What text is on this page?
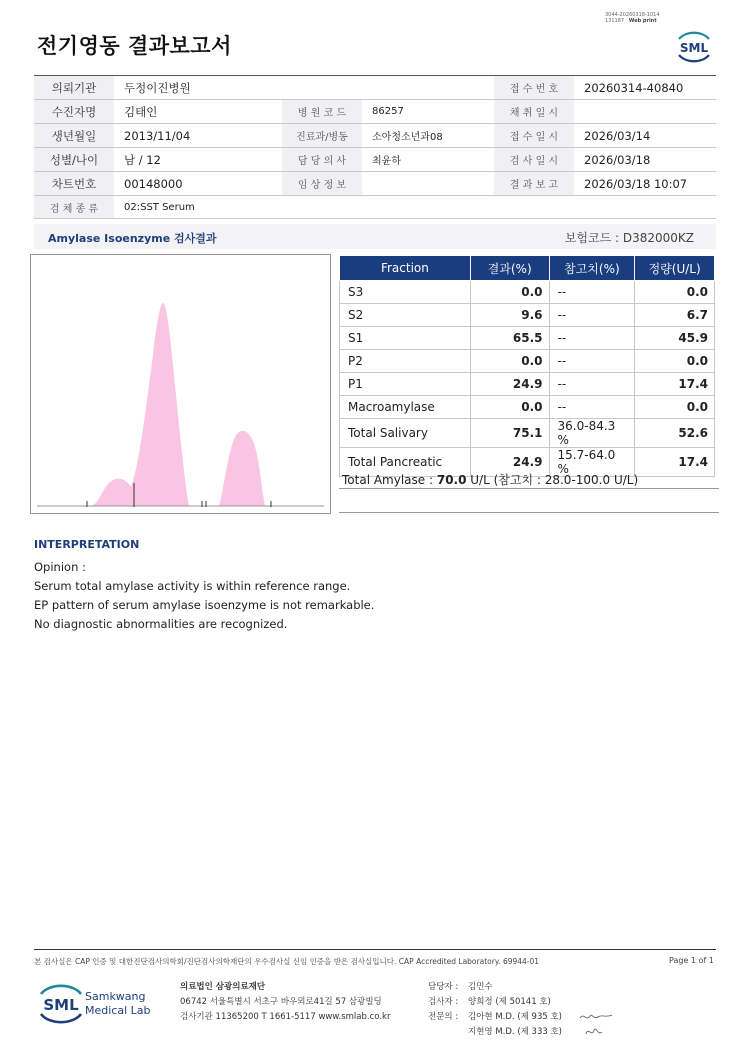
전기영동 결과보고서
3044-20260318-1014
131187 Web print
SML
의뢰기관	두정이진병원			접 수 번 호	20260314-40840
수진자명	김태인	병 원 코 드	86257	채 취 일 시	
생년월일	2013/11/04	진료과/병동	소아청소년과08	접 수 일 시	2026/03/14
성별/나이	남 / 12	담 당 의 사	최윤하	검 사 일 시	2026/03/18
차트번호	00148000	임 상 정 보		결 과 보 고	2026/03/18 10:07
검 체 종 류	02:SST Serum				
Amylase Isoenzyme 검사결과	보험코드 : D382000KZ
Fraction	결과(%)	참고치(%)	정량(U/L)
S3	0.0	--	0.0
S2	9.6	--	6.7
S1	65.5	--	45.9
P2	0.0	--	0.0
P1	24.9	--	17.4
Macroamylase	0.0	--	0.0
Total Salivary	75.1	36.0-84.3 %	52.6
Total Pancreatic	24.9	15.7-64.0 %	17.4
Total Amylase : 70.0 U/L (참고치 : 28.0-100.0 U/L)
INTERPRETATION
Opinion :
Serum total amylase activity is within reference range.
EP pattern of serum amylase isoenzyme is not remarkable.
No diagnostic abnormalities are recognized.
본 검사실은 CAP 인증 및 대한진단검사의학회/진단검사의학재단의 우수검사실 신임 인증을 받은 검사실입니다. CAP Accredited Laboratory. 69944-01	Page 1 of 1
SML Samkwang
Medical Lab
의료법인 삼광의료재단
06742 서울특별시 서초구 바우뫼로41길 57 삼광빌딩
검사기관 11365200 T 1661-5117 www.smlab.co.kr
담당자 :	김민수
검사자 :	양희정 (제 50141 호)
전문의 :	김아현 M.D. (제 935 호)
지현영 M.D. (제 333 호)
